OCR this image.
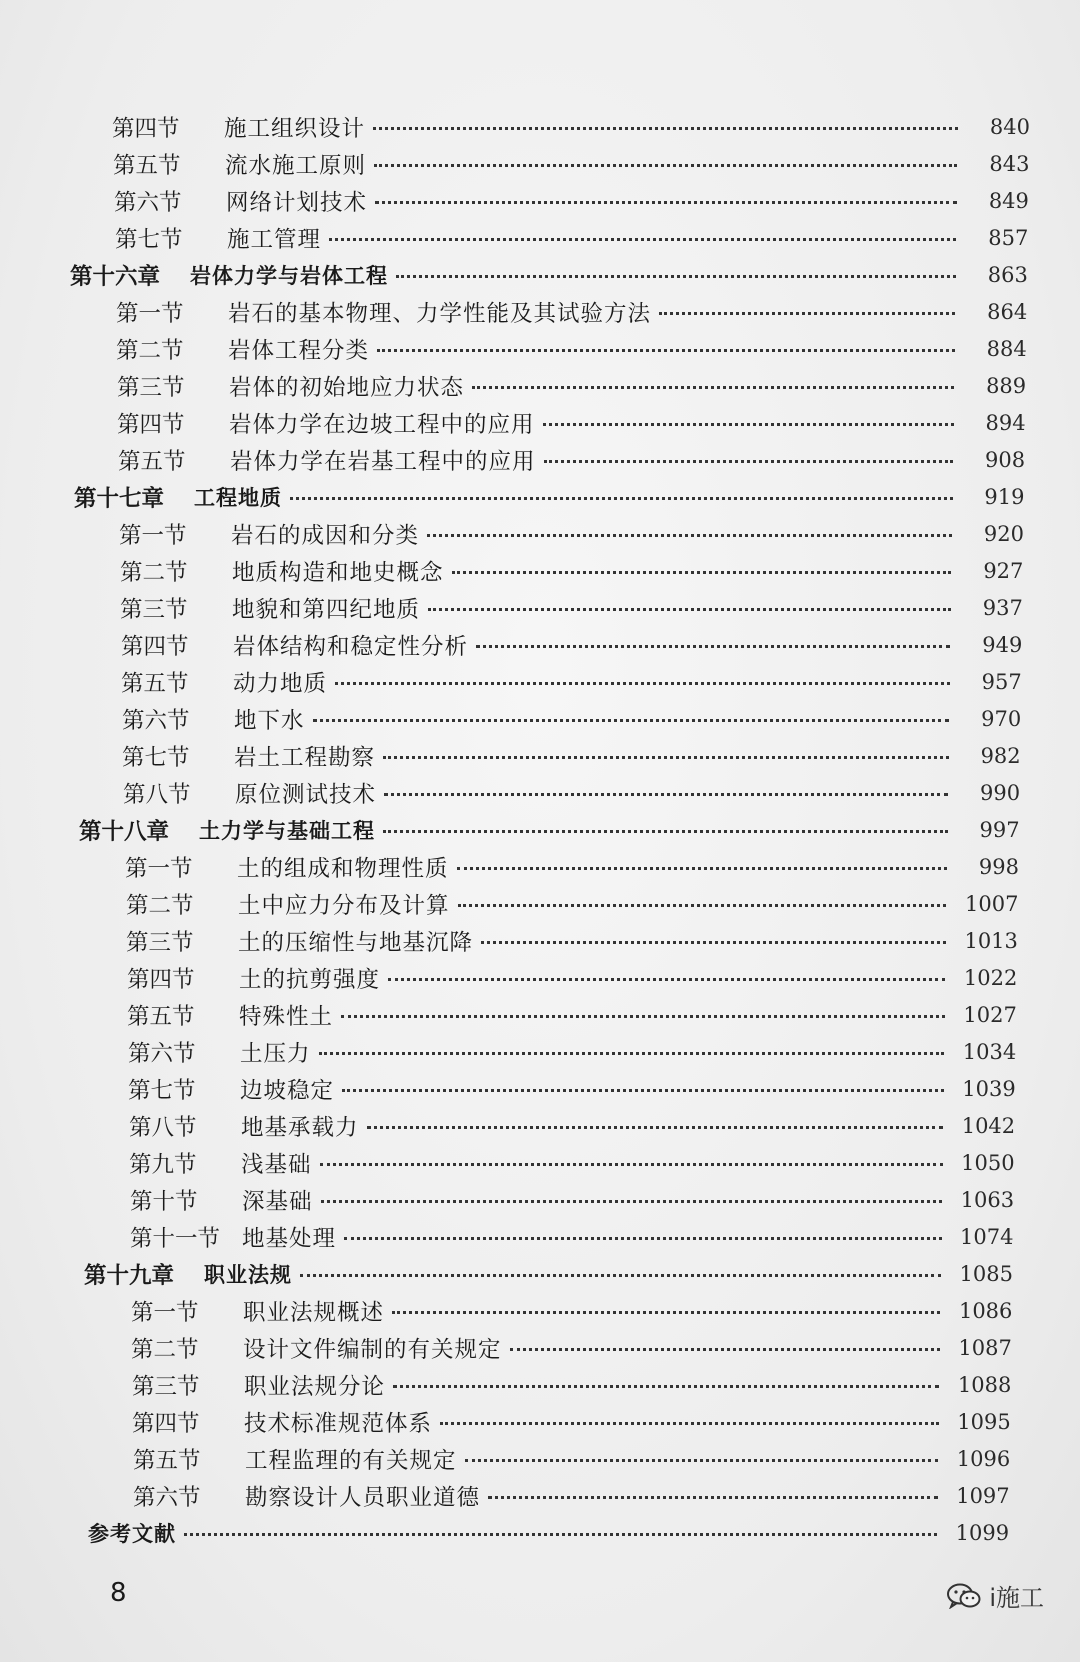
第四节	施工组织设计	840
第五节	流水施工原则	843
第六节	网络计划技术	849
第七节	施工管理	857
第十六章	岩体力学与岩体工程	863
第一节	岩石的基本物理、力学性能及其试验方法	864
第二节	岩体工程分类	884
第三节	岩体的初始地应力状态	889
第四节	岩体力学在边坡工程中的应用	894
第五节	岩体力学在岩基工程中的应用	908
第十七章	工程地质	919
第一节	岩石的成因和分类	920
第二节	地质构造和地史概念	927
第三节	地貌和第四纪地质	937
第四节	岩体结构和稳定性分析	949
第五节	动力地质	957
第六节	地下水	970
第七节	岩土工程勘察	982
第八节	原位测试技术	990
第十八章	土力学与基础工程	997
第一节	土的组成和物理性质	998
第二节	土中应力分布及计算	1007
第三节	土的压缩性与地基沉降	1013
第四节	土的抗剪强度	1022
第五节	特殊性土	1027
第六节	土压力	1034
第七节	边坡稳定	1039
第八节	地基承载力	1042
第九节	浅基础	1050
第十节	深基础	1063
第十一节 地基处理	1074
第十九章	职业法规	1085
第一节	职业法规概述	1086
第二节	设计文件编制的有关规定	1087
第三节	职业法规分论	1088
第四节	技术标准规范体系	1095
第五节	工程监理的有关规定	1096
第六节	勘察设计人员职业道德	1097
参考文献	1099
8	i施工
